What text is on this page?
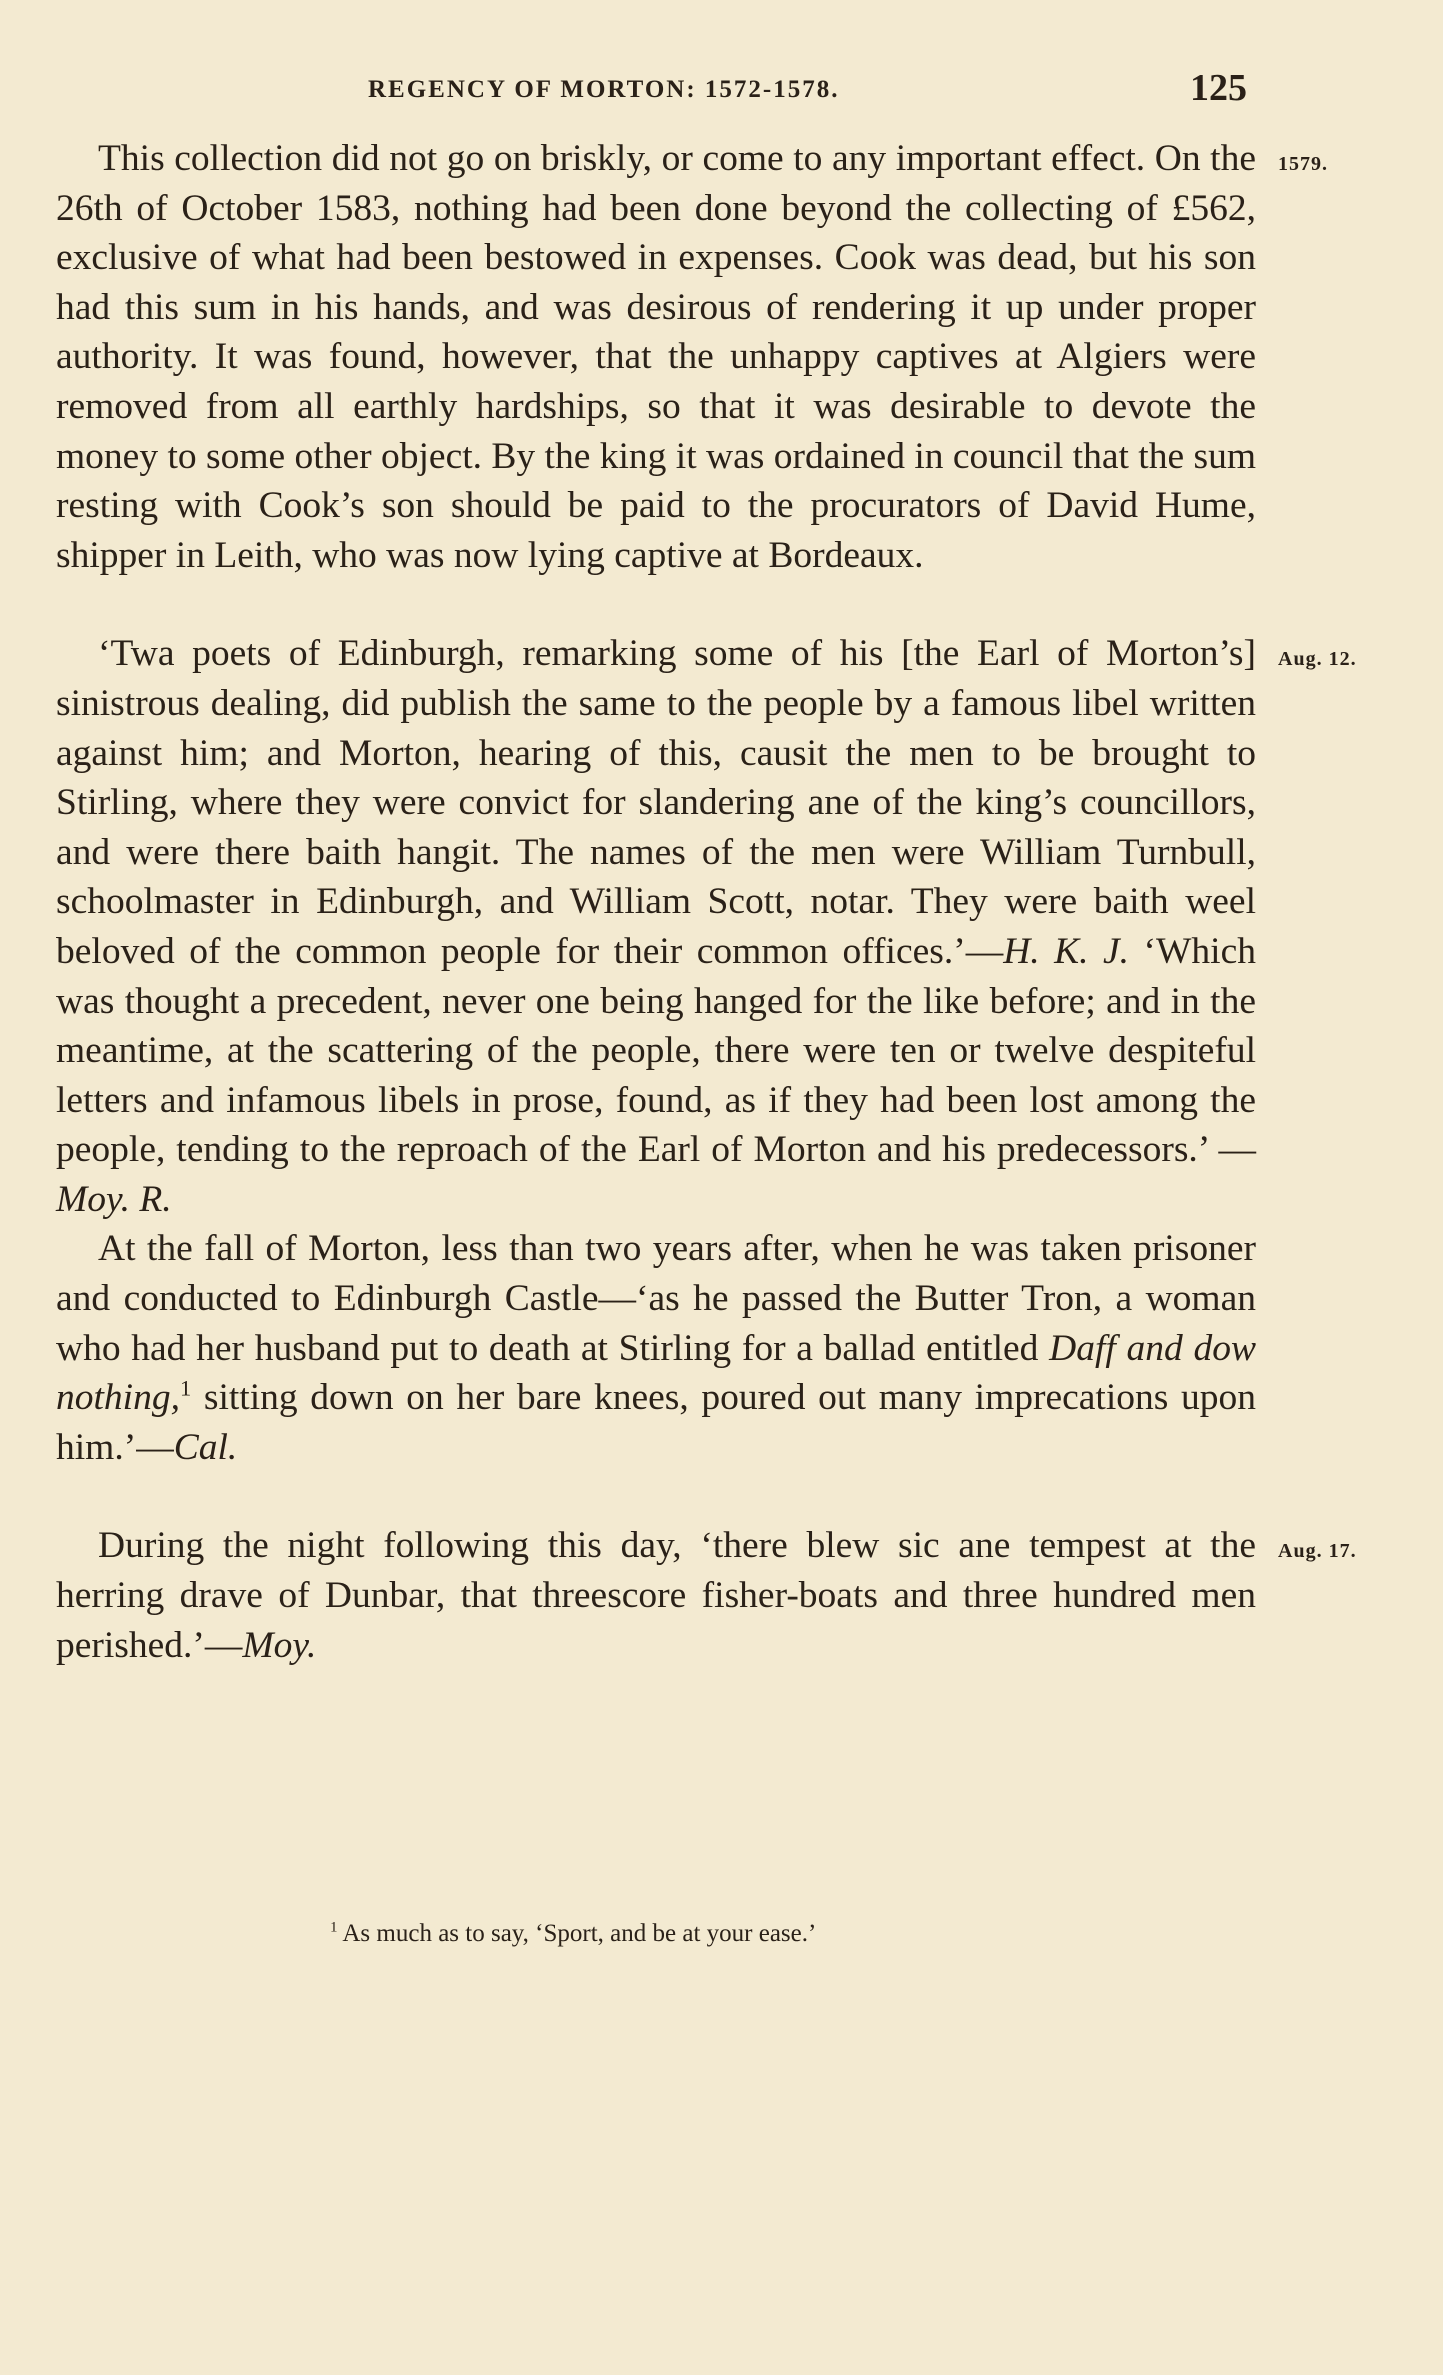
REGENCY OF MORTON: 1572-1578.	125
1579.

This collection did not go on briskly, or come to any important effect. On the 26th of October 1583, nothing had been done beyond the collecting of £562, exclusive of what had been bestowed in expenses. Cook was dead, but his son had this sum in his hands, and was desirous of rendering it up under proper authority. It was found, however, that the unhappy captives at Algiers were removed from all earthly hardships, so that it was desirable to devote the money to some other object. By the king it was ordained in council that the sum resting with Cook’s son should be paid to the procurators of David Hume, shipper in Leith, who was now lying captive at Bordeaux.

Aug. 12.

‘Twa poets of Edinburgh, remarking some of his [the Earl of Morton’s] sinistrous dealing, did publish the same to the people by a famous libel written against him; and Morton, hearing of this, causit the men to be brought to Stirling, where they were convict for slandering ane of the king’s councillors, and were there baith hangit. The names of the men were William Turnbull, schoolmaster in Edinburgh, and William Scott, notar. They were baith weel beloved of the common people for their common offices.’—H. K. J. ‘Which was thought a precedent, never one being hanged for the like before; and in the meantime, at the scattering of the people, there were ten or twelve despiteful letters and infamous libels in prose, found, as if they had been lost among the people, tending to the reproach of the Earl of Morton and his predecessors.’ —Moy. R.

At the fall of Morton, less than two years after, when he was taken prisoner and conducted to Edinburgh Castle—‘as he passed the Butter Tron, a woman who had her husband put to death at Stirling for a ballad entitled Daff and dow nothing,$^1$ sitting down on her bare knees, poured out many imprecations upon him.’—Cal.

Aug. 17.

During the night following this day, ‘there blew sic ane tempest at the herring drave of Dunbar, that threescore fisher-boats and three hundred men perished.’—Moy.

$^1$ As much as to say, ‘Sport, and be at your ease.’
